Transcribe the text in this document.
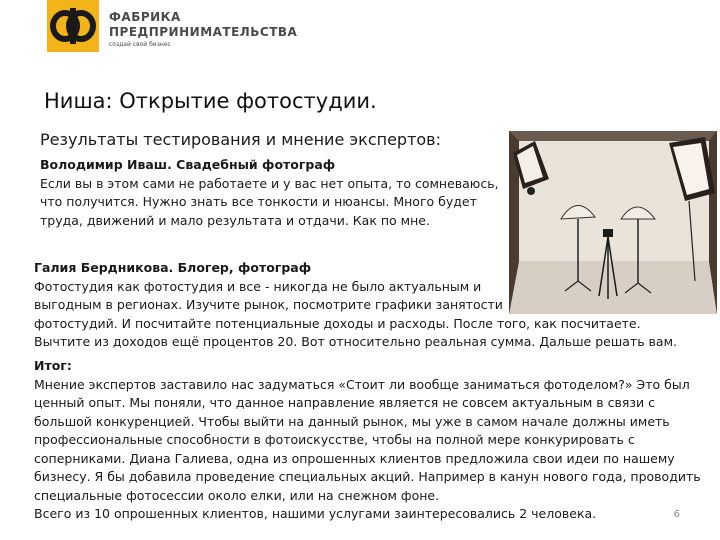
ФАБРИКА
ПРЕДПРИНИМАТЕЛЬСТВА
создай свой бизнес
Ниша: Открытие фотостудии.
Результаты тестирования и мнение экспертов:
Володимир Иваш. Свадебный фотограф
Если вы в этом сами не работаете и у вас нет опыта, то сомневаюсь,
что получится. Нужно знать все тонкости и нюансы. Много будет
труда, движений и мало результата и отдачи. Как по мне.
Галия Бердникова. Блогер, фотограф
Фотостудия как фотостудия и все - никогда не было актуальным и
выгодным в регионах. Изучите рынок, посмотрите графики занятости
фотостудий. И посчитайте потенциальные доходы и расходы. После того, как посчитаете.
Вычтите из доходов ещё процентов 20. Вот относительно реальная сумма. Дальше решать вам.
Итог:
Мнение экспертов заставило нас задуматься «Стоит ли вообще заниматься фотоделом?» Это был
ценный опыт. Мы поняли, что данное направление является не совсем актуальным в связи с
большой конкуренцией. Чтобы выйти на данный рынок, мы уже в самом начале должны иметь
профессиональные способности в фотоискусстве, чтобы на полной мере конкурировать с
соперниками. Диана Галиева, одна из опрошенных клиентов предложила свои идеи по нашему
бизнесу. Я бы добавила проведение специальных акций. Например в канун нового года, проводить
специальные фотосессии около елки, или на снежном фоне.
Всего из 10 опрошенных клиентов, нашими услугами заинтересовались 2 человека.	6
